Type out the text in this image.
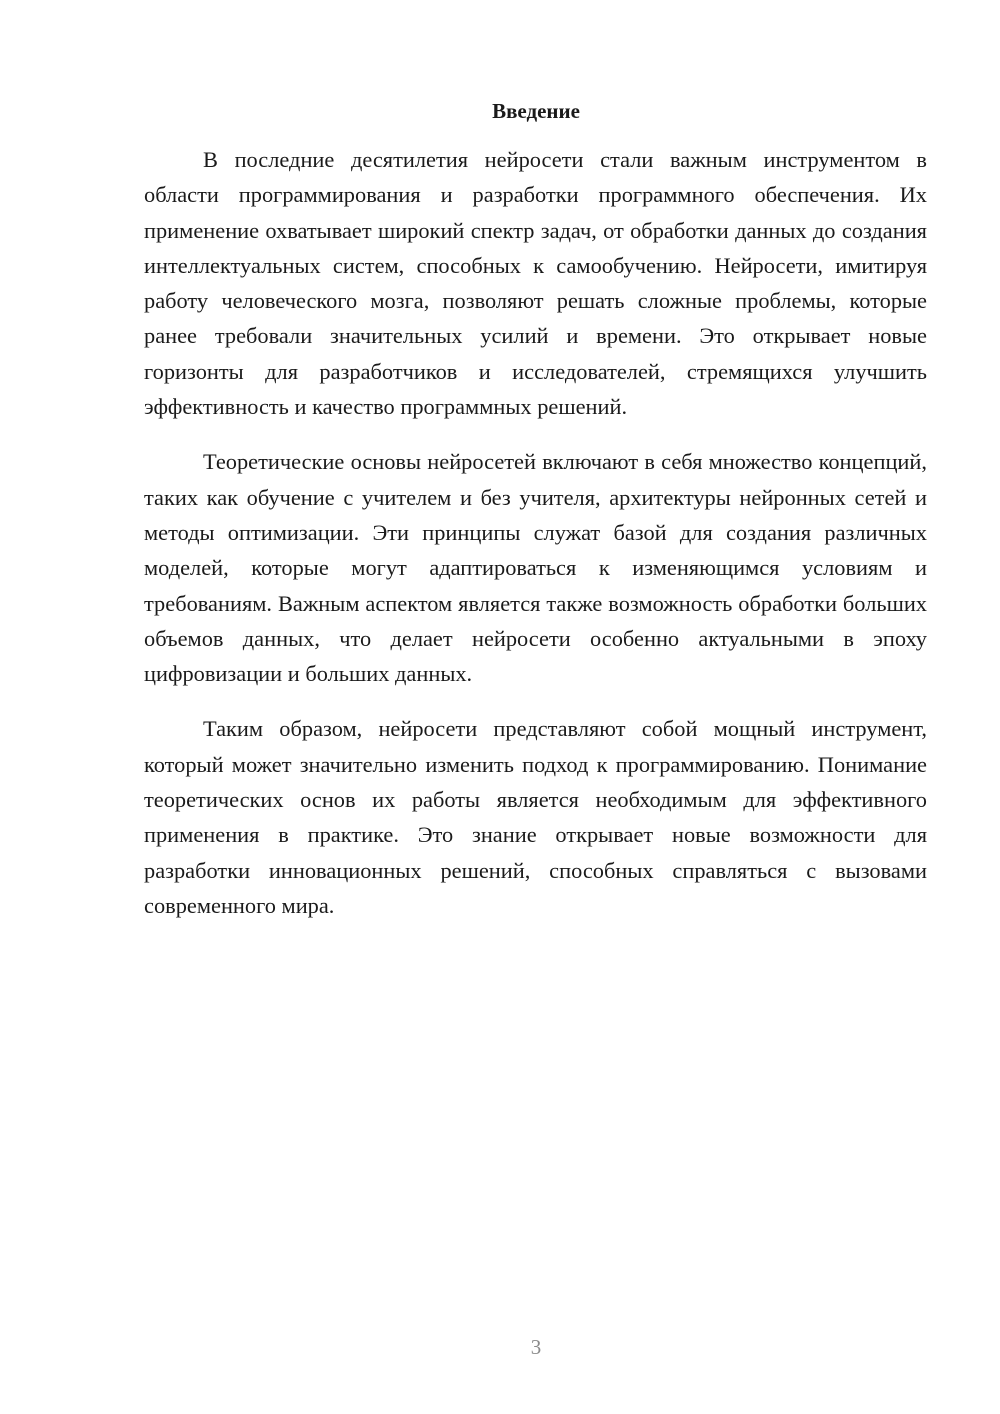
Введение

В последние десятилетия нейросети стали важным инструментом в области программирования и разработки программного обеспечения. Их применение охватывает широкий спектр задач, от обработки данных до создания интеллектуальных систем, способных к самообучению. Нейросети, имитируя работу человеческого мозга, позволяют решать сложные проблемы, которые ранее требовали значительных усилий и времени. Это открывает новые горизонты для разработчиков и исследователей, стремящихся улучшить эффективность и качество программных решений.

Теоретические основы нейросетей включают в себя множество концепций, таких как обучение с учителем и без учителя, архитектуры нейронных сетей и методы оптимизации. Эти принципы служат базой для создания различных моделей, которые могут адаптироваться к изменяющимся условиям и требованиям. Важным аспектом является также возможность обработки больших объемов данных, что делает нейросети особенно актуальными в эпоху цифровизации и больших данных.

Таким образом, нейросети представляют собой мощный инструмент, который может значительно изменить подход к программированию. Понимание теоретических основ их работы является необходимым для эффективного применения в практике. Это знание открывает новые возможности для разработки инновационных решений, способных справляться с вызовами современного мира.

3
